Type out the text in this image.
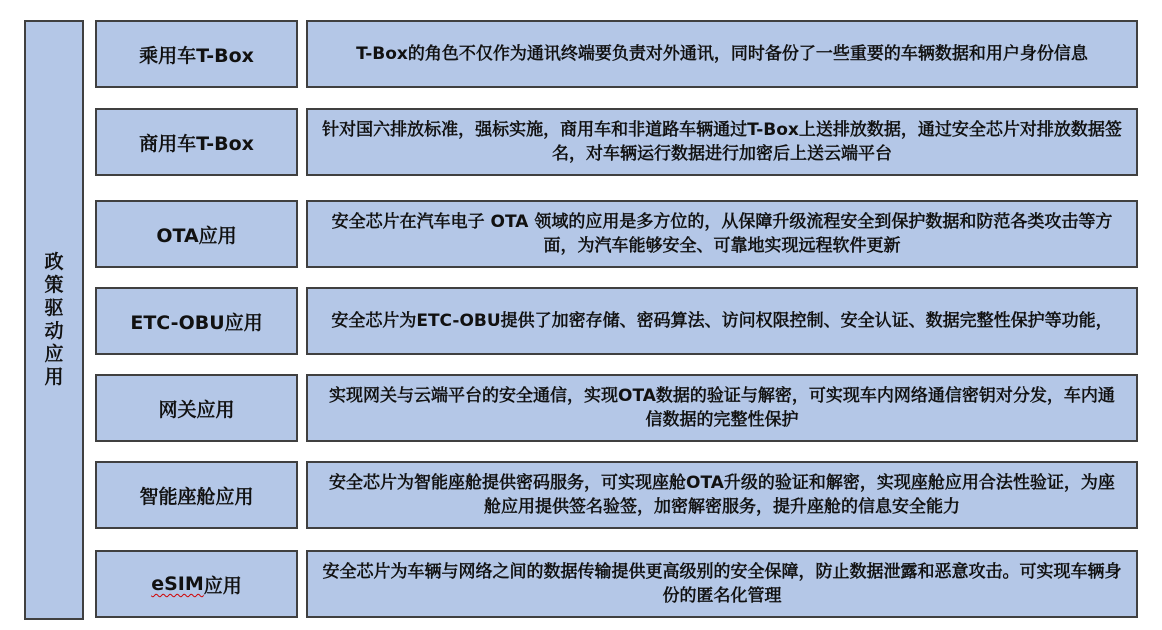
政策驱动应用
乘用车T-Box	T-Box的角色不仅作为通讯终端要负责对外通讯，同时备份了一些重要的车辆数据和用户身份信息
商用车T-Box
针对国六排放标准，强标实施，商用车和非道路车辆通过T-Box上送排放数据，通过安全芯片对排放数据签名，对车辆运行数据进行加密后上送云端平台
OTA应用
安全芯片在汽车电子 OTA 领域的应用是多方位的，从保障升级流程安全到保护数据和防范各类攻击等方面，为汽车能够安全、可靠地实现远程软件更新
ETC-OBU应用	安全芯片为ETC-OBU提供了加密存储、密码算法、访问权限控制、安全认证、数据完整性保护等功能，
网关应用
实现网关与云端平台的安全通信，实现OTA数据的验证与解密，可实现车内网络通信密钥对分发，车内通信数据的完整性保护
智能座舱应用
安全芯片为智能座舱提供密码服务，可实现座舱OTA升级的验证和解密，实现座舱应用合法性验证，为座舱应用提供签名验签，加密解密服务，提升座舱的信息安全能力
eSIM 应用
安全芯片为车辆与网络之间的数据传输提供更高级别的安全保障，防止数据泄露和恶意攻击。可实现车辆身份的匿名化管理
